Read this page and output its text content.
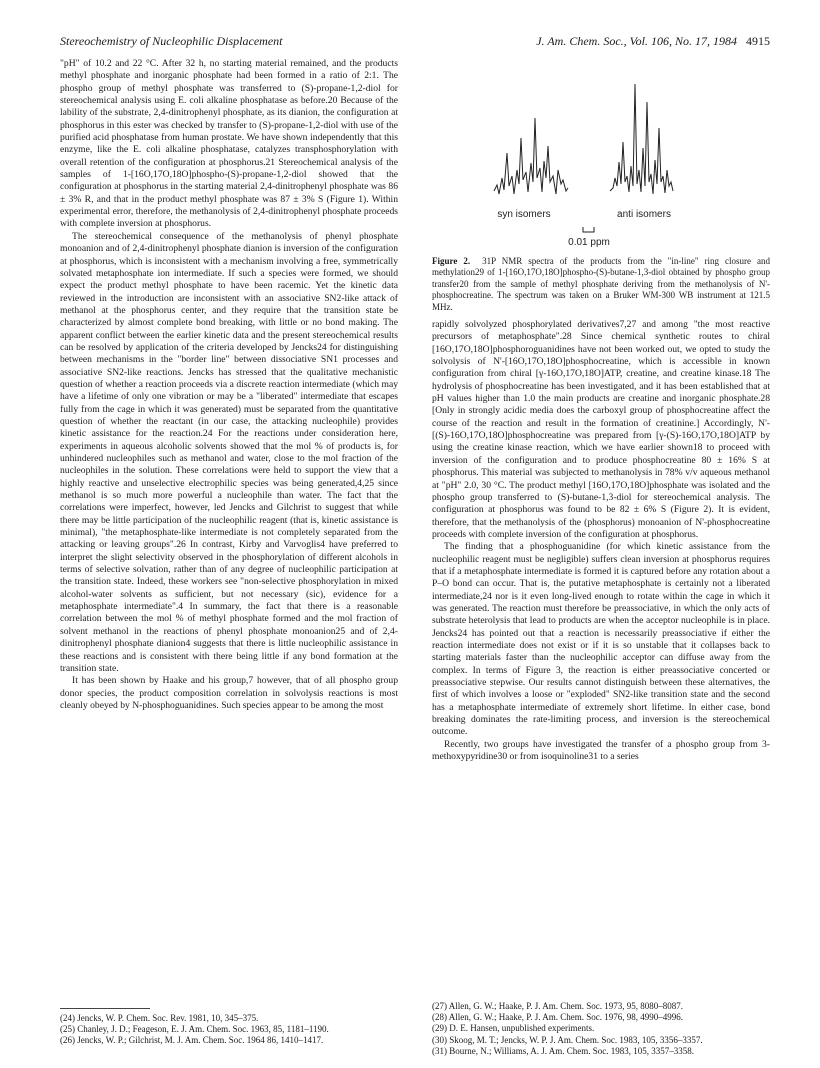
Stereochemistry of Nucleophilic Displacement	J. Am. Chem. Soc., Vol. 106, No. 17, 1984 4915

"pH" of 10.2 and 22 °C. After 32 h, no starting material remained, and the products methyl phosphate and inorganic phosphate had been formed in a ratio of 2:1. The phospho group of methyl phosphate was transferred to (S)-propane-1,2-diol for stereochemical analysis using E. coli alkaline phosphatase as before.20 Because of the lability of the substrate, 2,4-dinitrophenyl phosphate, as its dianion, the configuration at phosphorus in this ester was checked by transfer to (S)-propane-1,2-diol with use of the purified acid phosphatase from human prostate. We have shown independently that this enzyme, like the E. coli alkaline phosphatase, catalyzes transphosphorylation with overall retention of the configuration at phosphorus.21 Stereochemical analysis of the samples of 1-[16O,17O,18O]phospho-(S)-propane-1,2-diol showed that the configuration at phosphorus in the starting material 2,4-dinitrophenyl phosphate was 86 ± 3% R, and that in the product methyl phosphate was 87 ± 3% S (Figure 1). Within experimental error, therefore, the methanolysis of 2,4-dinitrophenyl phosphate proceeds with complete inversion at phosphorus.

The stereochemical consequence of the methanolysis of phenyl phosphate monoanion and of 2,4-dinitrophenyl phosphate dianion is inversion of the configuration at phosphorus, which is inconsistent with a mechanism involving a free, symmetrically solvated metaphosphate ion intermediate. If such a species were formed, we should expect the product methyl phosphate to have been racemic. Yet the kinetic data reviewed in the introduction are inconsistent with an associative SN2-like attack of methanol at the phosphorus center, and they require that the transition state be characterized by almost complete bond breaking, with little or no bond making. The apparent conflict between the earlier kinetic data and the present stereochemical results can be resolved by application of the criteria developed by Jencks24 for distinguishing between mechanisms in the "border line" between dissociative SN1 processes and associative SN2-like reactions. Jencks has stressed that the qualitative mechanistic question of whether a reaction proceeds via a discrete reaction intermediate (which may have a lifetime of only one vibration or may be a "liberated" intermediate that escapes fully from the cage in which it was generated) must be separated from the quantitative question of whether the reactant (in our case, the attacking nucleophile) provides kinetic assistance for the reaction.24 For the reactions under consideration here, experiments in aqueous alcoholic solvents showed that the mol % of products is, for unhindered nucleophiles such as methanol and water, close to the mol fraction of the nucleophiles in the solution. These correlations were held to support the view that a highly reactive and unselective electrophilic species was being generated,4,25 since methanol is so much more powerful a nucleophile than water. The fact that the correlations were imperfect, however, led Jencks and Gilchrist to suggest that while there may be little participation of the nucleophilic reagent (that is, kinetic assistance is minimal), "the metaphosphate-like intermediate is not completely separated from the attacking or leaving groups".26 In contrast, Kirby and Varvoglis4 have preferred to interpret the slight selectivity observed in the phosphorylation of different alcohols in terms of selective solvation, rather than of any degree of nucleophilic participation at the transition state. Indeed, these workers see "non-selective phosphorylation in mixed alcohol-water solvents as sufficient, but not necessary (sic), evidence for a metaphosphate intermediate".4 In summary, the fact that there is a reasonable correlation between the mol % of methyl phosphate formed and the mol fraction of solvent methanol in the reactions of phenyl phosphate monoanion25 and of 2,4-dinitrophenyl phosphate dianion4 suggests that there is little nucleophilic assistance in these reactions and is consistent with there being little if any bond formation at the transition state.

It has been shown by Haake and his group,7 however, that of all phospho group donor species, the product composition correlation in solvolysis reactions is most cleanly obeyed by N-phosphoguanidines. Such species appear to be among the most

syn isomers	anti isomers
0.01 ppm
Figure 2. 31P NMR spectra of the products from the "in-line" ring closure and methylation29 of 1-[16O,17O,18O]phospho-(S)-butane-1,3-diol obtained by phospho group transfer20 from the sample of methyl phosphate deriving from the methanolysis of N'-phosphocreatine. The spectrum was taken on a Bruker WM-300 WB instrument at 121.5 MHz.

rapidly solvolyzed phosphorylated derivatives7,27 and among "the most reactive precursors of metaphosphate".28 Since chemical synthetic routes to chiral [16O,17O,18O]phosphoroguanidines have not been worked out, we opted to study the solvolysis of N'-[16O,17O,18O]phosphocreatine, which is accessible in known configuration from chiral [γ-16O,17O,18O]ATP, creatine, and creatine kinase.18 The hydrolysis of phosphocreatine has been investigated, and it has been established that at pH values higher than 1.0 the main products are creatine and inorganic phosphate.28 [Only in strongly acidic media does the carboxyl group of phosphocreatine affect the course of the reaction and result in the formation of creatinine.] Accordingly, N'-[(S)-16O,17O,18O]phosphocreatine was prepared from [γ-(S)-16O,17O,18O]ATP by using the creatine kinase reaction, which we have earlier shown18 to proceed with inversion of the configuration and to produce phosphocreatine 80 ± 16% S at phosphorus. This material was subjected to methanolysis in 78% v/v aqueous methanol at "pH" 2.0, 30 °C. The product methyl [16O,17O,18O]phosphate was isolated and the phospho group transferred to (S)-butane-1,3-diol for stereochemical analysis. The configuration at phosphorus was found to be 82 ± 6% S (Figure 2). It is evident, therefore, that the methanolysis of the (phosphorus) monoanion of N'-phosphocreatine proceeds with complete inversion of the configuration at phosphorus.

The finding that a phosphoguanidine (for which kinetic assistance from the nucleophilic reagent must be negligible) suffers clean inversion at phosphorus requires that if a metaphosphate intermediate is formed it is captured before any rotation about a P–O bond can occur. That is, the putative metaphosphate is certainly not a liberated intermediate,24 nor is it even long-lived enough to rotate within the cage in which it was generated. The reaction must therefore be preassociative, in which the only acts of substrate heterolysis that lead to products are when the acceptor nucleophile is in place. Jencks24 has pointed out that a reaction is necessarily preassociative if either the reaction intermediate does not exist or if it is so unstable that it collapses back to starting materials faster than the nucleophilic acceptor can diffuse away from the complex. In terms of Figure 3, the reaction is either preassociative concerted or preassociative stepwise. Our results cannot distinguish between these alternatives, the first of which involves a loose or "exploded" SN2-like transition state and the second has a metaphosphate intermediate of extremely short lifetime. In either case, bond breaking dominates the rate-limiting process, and inversion is the stereochemical outcome.

Recently, two groups have investigated the transfer of a phospho group from 3-methoxypyridine30 or from isoquinoline31 to a series

(24) Jencks, W. P. Chem. Soc. Rev. 1981, 10, 345–375.
(25) Chanley, J. D.; Feageson, E. J. Am. Chem. Soc. 1963, 85, 1181–1190.
(26) Jencks, W. P.; Gilchrist, M. J. Am. Chem. Soc. 1964 86, 1410–1417.
(27) Allen, G. W.; Haake, P. J. Am. Chem. Soc. 1973, 95, 8080–8087.
(28) Allen, G. W.; Haake, P. J. Am. Chem. Soc. 1976, 98, 4990–4996.
(29) D. E. Hansen, unpublished experiments.
(30) Skoog, M. T.; Jencks, W. P. J. Am. Chem. Soc. 1983, 105, 3356–3357.
(31) Bourne, N.; Williams, A. J. Am. Chem. Soc. 1983, 105, 3357–3358.
